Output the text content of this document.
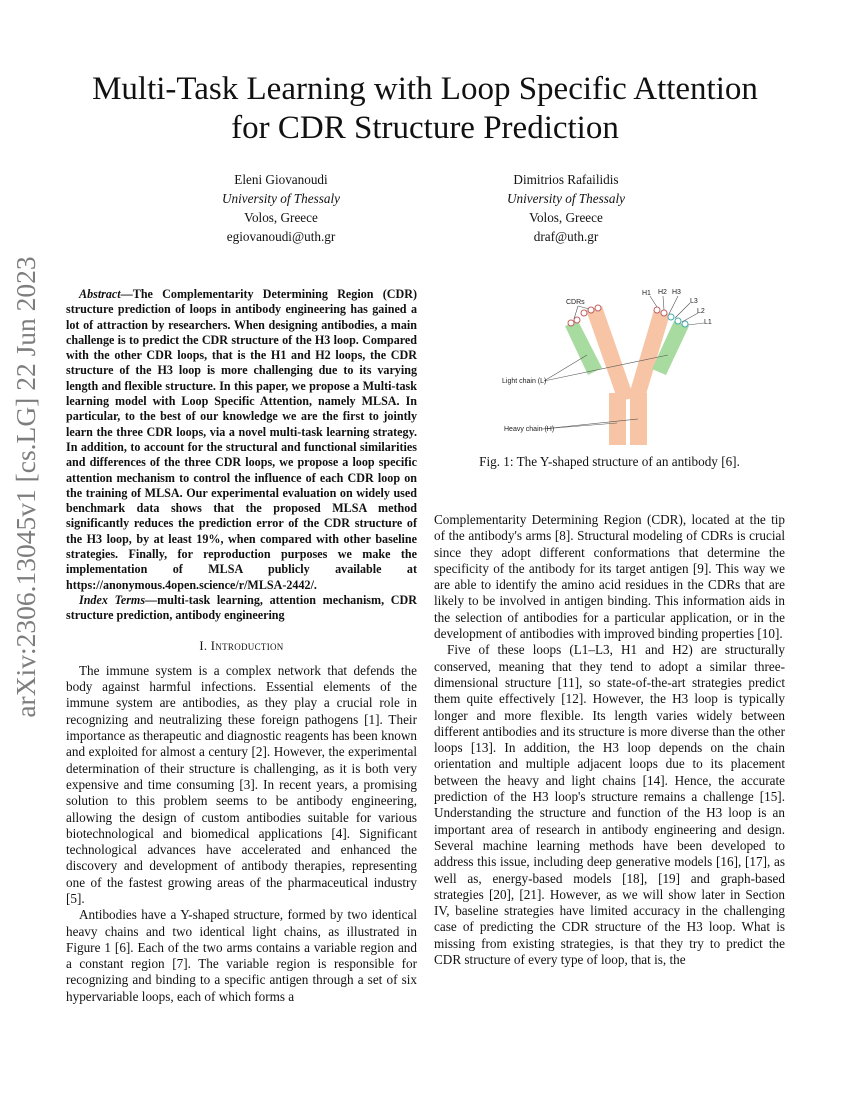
arXiv:2306.13045v1 [cs.LG] 22 Jun 2023
Multi-Task Learning with Loop Specific Attention
for CDR Structure Prediction
Eleni Giovanoudi
University of Thessaly
Volos, Greece
egiovanoudi@uth.gr
Dimitrios Rafailidis
University of Thessaly
Volos, Greece
draf@uth.gr

Abstract—The Complementarity Determining Region (CDR) structure prediction of loops in antibody engineering has gained a lot of attraction by researchers. When designing antibodies, a main challenge is to predict the CDR structure of the H3 loop. Compared with the other CDR loops, that is the H1 and H2 loops, the CDR structure of the H3 loop is more challenging due to its varying length and flexible structure. In this paper, we propose a Multi-task learning model with Loop Specific Attention, namely MLSA. In particular, to the best of our knowledge we are the first to jointly learn the three CDR loops, via a novel multi-task learning strategy. In addition, to account for the structural and functional similarities and differences of the three CDR loops, we propose a loop specific attention mechanism to control the influence of each CDR loop on the training of MLSA. Our experimental evaluation on widely used benchmark data shows that the proposed MLSA method significantly reduces the prediction error of the CDR structure of the H3 loop, by at least 19%, when compared with other baseline strategies. Finally, for reproduction purposes we make the implementation of MLSA publicly available at https://anonymous.4open.science/r/MLSA-2442/.

Index Terms—multi-task learning, attention mechanism, CDR structure prediction, antibody engineering

I. Introduction

The immune system is a complex network that defends the body against harmful infections. Essential elements of the immune system are antibodies, as they play a crucial role in recognizing and neutralizing these foreign pathogens [1]. Their importance as therapeutic and diagnostic reagents has been known and exploited for almost a century [2]. However, the experimental determination of their structure is challenging, as it is both very expensive and time consuming [3]. In recent years, a promising solution to this problem seems to be antibody engineering, allowing the design of custom antibodies suitable for various biotechnological and biomedical applications [4]. Significant technological advances have accelerated and enhanced the discovery and development of antibody therapies, representing one of the fastest growing areas of the pharmaceutical industry [5].

Antibodies have a Y-shaped structure, formed by two identical heavy chains and two identical light chains, as illustrated in Figure 1 [6]. Each of the two arms contains a variable region and a constant region [7]. The variable region is responsible for recognizing and binding to a specific antigen through a set of six hypervariable loops, each of which forms a

CDRs
H1 H2 H3
L3
L2
L1
Light chain (L)
Heavy chain (H)
Fig. 1: The Y-shaped structure of an antibody [6].

Complementarity Determining Region (CDR), located at the tip of the antibody's arms [8]. Structural modeling of CDRs is crucial since they adopt different conformations that determine the specificity of the antibody for its target antigen [9]. This way we are able to identify the amino acid residues in the CDRs that are likely to be involved in antigen binding. This information aids in the selection of antibodies for a particular application, or in the development of antibodies with improved binding properties [10].

Five of these loops (L1–L3, H1 and H2) are structurally conserved, meaning that they tend to adopt a similar three-dimensional structure [11], so state-of-the-art strategies predict them quite effectively [12]. However, the H3 loop is typically longer and more flexible. Its length varies widely between different antibodies and its structure is more diverse than the other loops [13]. In addition, the H3 loop depends on the chain orientation and multiple adjacent loops due to its placement between the heavy and light chains [14]. Hence, the accurate prediction of the H3 loop's structure remains a challenge [15]. Understanding the structure and function of the H3 loop is an important area of research in antibody engineering and design. Several machine learning methods have been developed to address this issue, including deep generative models [16], [17], as well as, energy-based models [18], [19] and graph-based strategies [20], [21]. However, as we will show later in Section IV, baseline strategies have limited accuracy in the challenging case of predicting the CDR structure of the H3 loop. What is missing from existing strategies, is that they try to predict the CDR structure of every type of loop, that is, the
